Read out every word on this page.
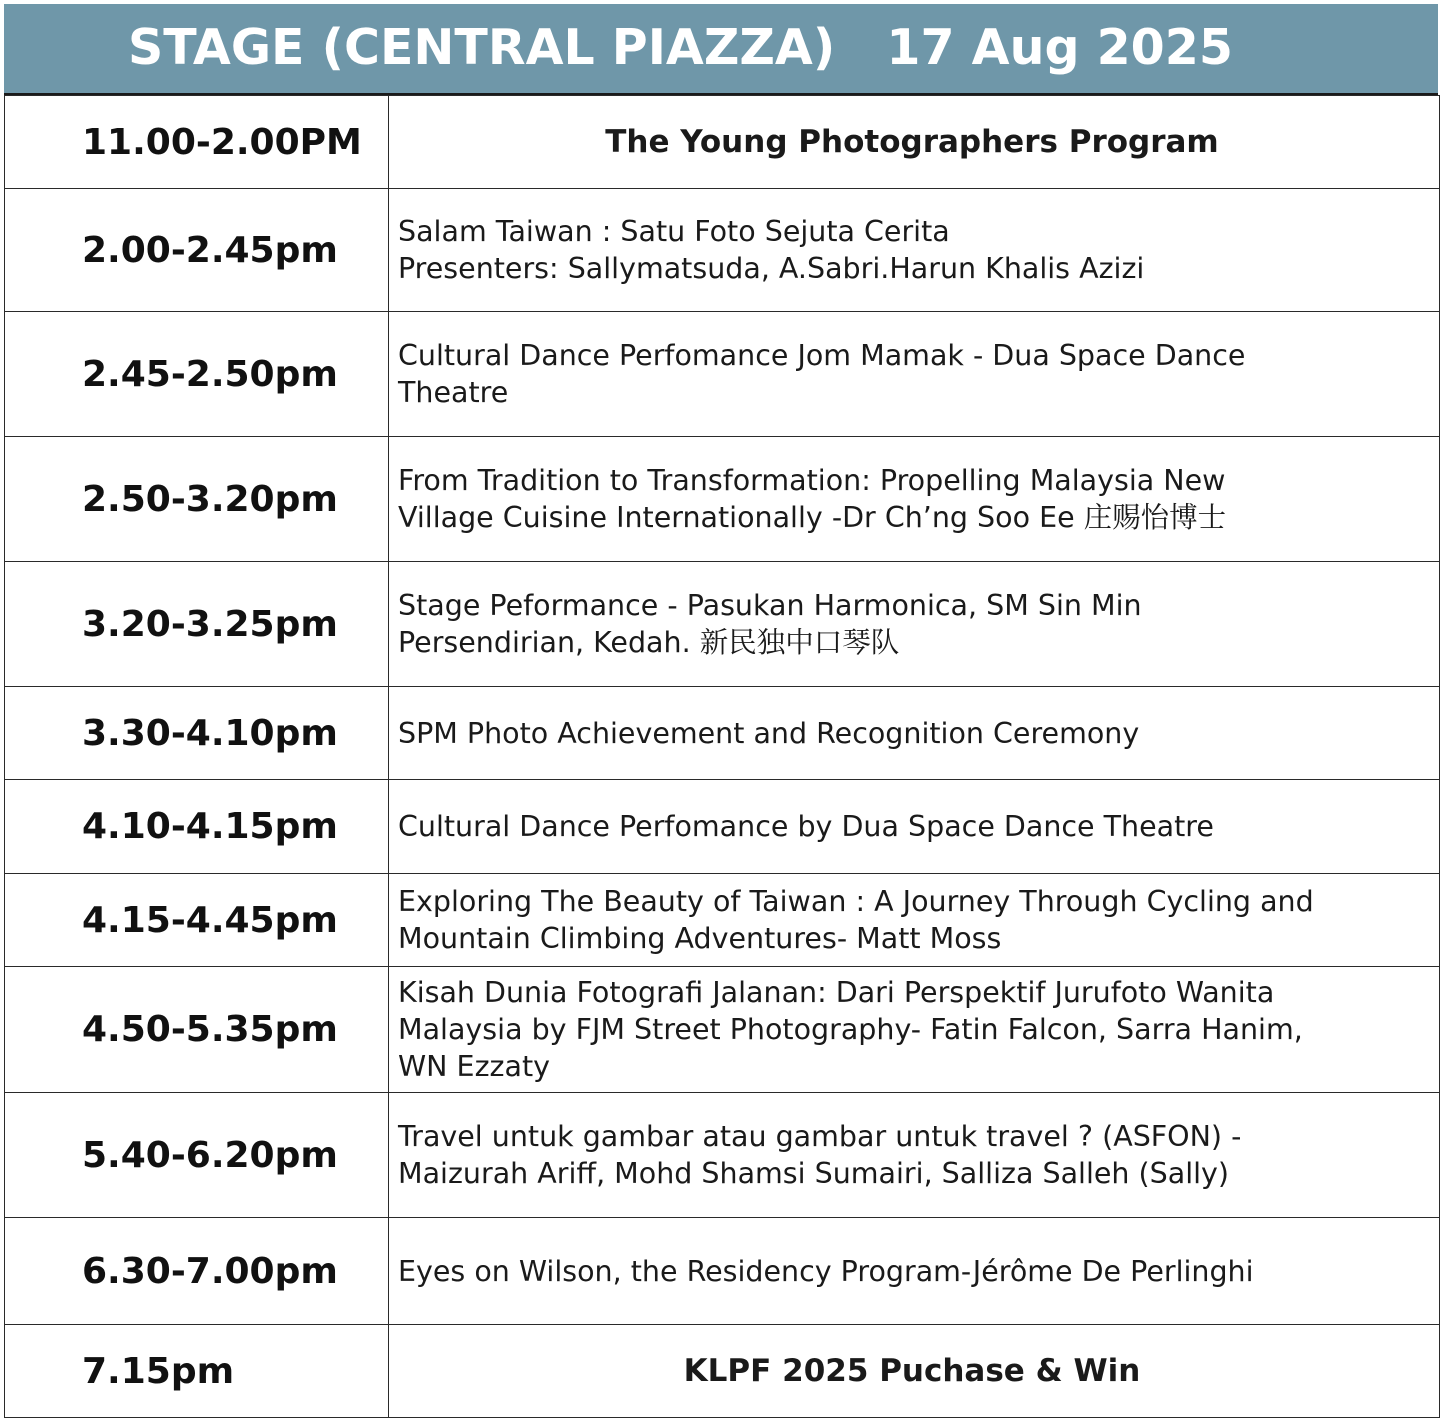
STAGE (CENTRAL PIAZZA)   17 Aug 2025
11.00-2.00PM	The Young Photographers Program

2.00-2.45pm	Salam Taiwan : Satu Foto Sejuta Cerita
Presenters: Sallymatsuda, A.Sabri.Harun Khalis Azizi

2.45-2.50pm	Cultural Dance Perfomance Jom Mamak - Dua Space Dance
Theatre

2.50-3.20pm	From Tradition to Transformation: Propelling Malaysia New
Village Cuisine Internationally -Dr Ch’ng Soo Ee 庄赐怡博士

3.20-3.25pm	Stage Peformance - Pasukan Harmonica, SM Sin Min
Persendirian, Kedah. 新民独中口琴队

3.30-4.10pm	SPM Photo Achievement and Recognition Ceremony

4.10-4.15pm	Cultural Dance Perfomance by Dua Space Dance Theatre

4.15-4.45pm	Exploring The Beauty of Taiwan : A Journey Through Cycling and
Mountain Climbing Adventures- Matt Moss

4.50-5.35pm	Kisah Dunia Fotografi Jalanan: Dari Perspektif Jurufoto Wanita
Malaysia by FJM Street Photography- Fatin Falcon, Sarra Hanim,
WN Ezzaty

5.40-6.20pm	Travel untuk gambar atau gambar untuk travel ? (ASFON) -
Maizurah Ariff, Mohd Shamsi Sumairi, Salliza Salleh (Sally)

6.30-7.00pm	Eyes on Wilson, the Residency Program-Jérôme De Perlinghi

7.15pm	KLPF 2025 Puchase & Win
